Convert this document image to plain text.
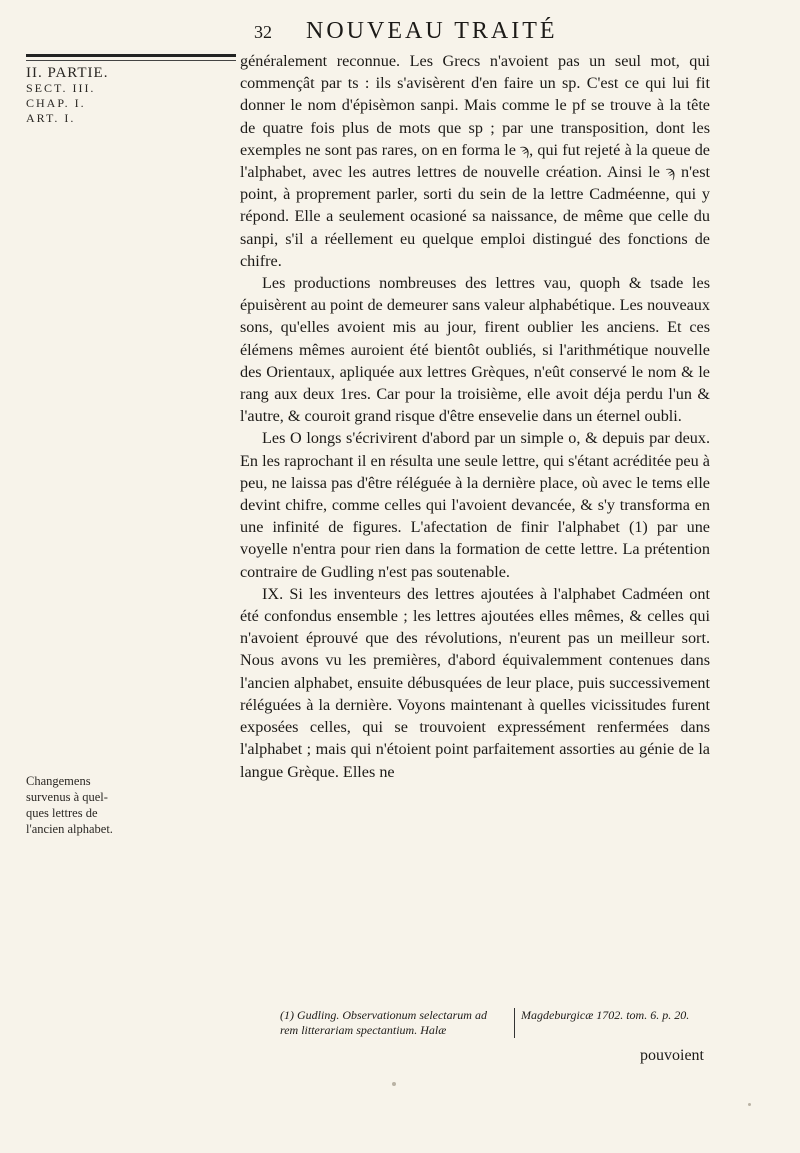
32 NOUVEAU TRAITÉ
II. PARTIE.
SECT. III.
CHAP. I.
ART. I.
Changemens
survenus à quel-
ques lettres de
l'ancien alphabet.

généralement reconnue. Les Grecs n'avoient pas un seul mot, qui commençât par ts : ils s'avisèrent d'en faire un sp. C'est ce qui lui fit donner le nom d'épisèmon sanpi. Mais comme le pf se trouve à la tête de quatre fois plus de mots que sp ; par une transposition, dont les exemples ne sont pas rares, on en forma le ϡ, qui fut rejeté à la queue de l'alphabet, avec les autres lettres de nouvelle création. Ainsi le ϡ n'est point, à proprement parler, sorti du sein de la lettre Cadméenne, qui y répond. Elle a seulement ocasioné sa naissance, de même que celle du sanpi, s'il a réellement eu quelque emploi distingué des fonctions de chifre.

Les productions nombreuses des lettres vau, quoph & tsade les épuisèrent au point de demeurer sans valeur alphabétique. Les nouveaux sons, qu'elles avoient mis au jour, firent oublier les anciens. Et ces élémens mêmes auroient été bientôt oubliés, si l'arithmétique nouvelle des Orientaux, apliquée aux lettres Grèques, n'eût conservé le nom & le rang aux deux 1res. Car pour la troisième, elle avoit déja perdu l'un & l'autre, & couroit grand risque d'être ensevelie dans un éternel oubli.

Les O longs s'écrivirent d'abord par un simple o, & depuis par deux. En les raprochant il en résulta une seule lettre, qui s'étant acréditée peu à peu, ne laissa pas d'être réléguée à la dernière place, où avec le tems elle devint chifre, comme celles qui l'avoient devancée, & s'y transforma en une infinité de figures. L'afectation de finir l'alphabet (1) par une voyelle n'entra pour rien dans la formation de cette lettre. La prétention contraire de Gudling n'est pas soutenable.

IX. Si les inventeurs des lettres ajoutées à l'alphabet Cadméen ont été confondus ensemble ; les lettres ajoutées elles mêmes, & celles qui n'avoient éprouvé que des révolutions, n'eurent pas un meilleur sort. Nous avons vu les premières, d'abord équivalemment contenues dans l'ancien alphabet, ensuite débusquées de leur place, puis successivement réléguées à la dernière. Voyons maintenant à quelles vicissitudes furent exposées celles, qui se trouvoient expressément renfermées dans l'alphabet ; mais qui n'étoient point parfaitement assorties au génie de la langue Grèque. Elles ne

(1) Gudling. Observationum selectarum ad rem litterariam spectantium. Halæ
Magdeburgicæ 1702. tom. 6. p. 20.
pouvoient
